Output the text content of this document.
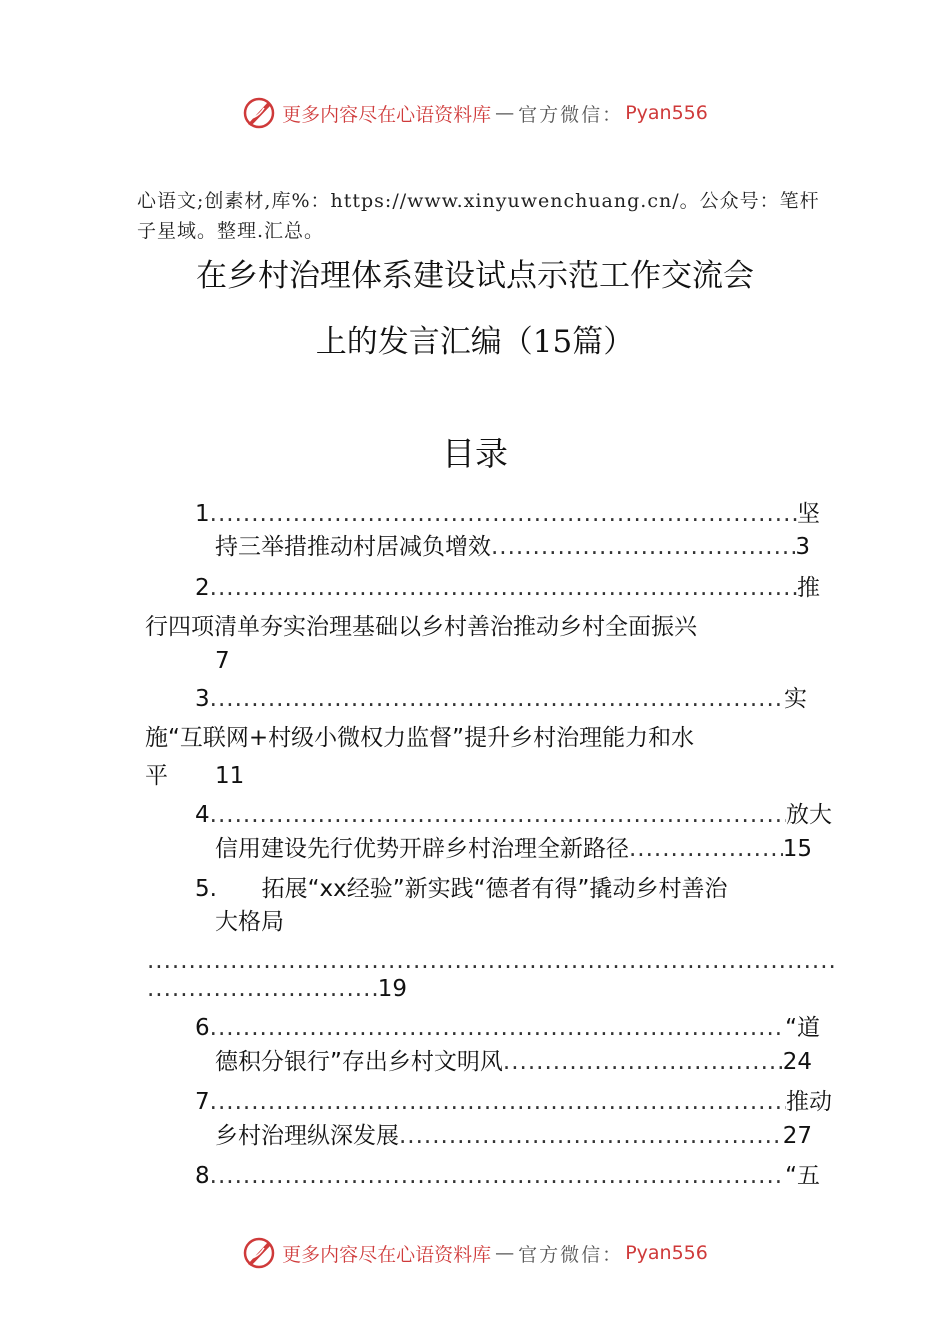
更多内容尽在心语资料库 — 官方微信： Pyan556
心语文;创素材,库%：https://www.xinyuwenchuang.cn/。公众号：笔杆子星域。整理.汇总。
在乡村治理体系建设试点示范工作交流会
上的发言汇编（15篇）
目录
1 .....	坚
持三举措推动村居减负增效 .....	3
2 .....	推
行四项清单夯实治理基础以乡村善治推动乡村全面振兴
7
3 .....	实
施“互联网+村级小微权力监督”提升乡村治理能力和水
平 11
4 .....	放大
信用建设先行优势开辟乡村治理全新路径 .....	15
5. 拓展“xx经验”新实践“德者有得”撬动乡村善治
大格局
.....
.....
19
6 .....	“道
德积分银行”存出乡村文明风 .....	24
7 .....	推动
乡村治理纵深发展 .....	27
8 .....	“五
更多内容尽在心语资料库 — 官方微信： Pyan556
